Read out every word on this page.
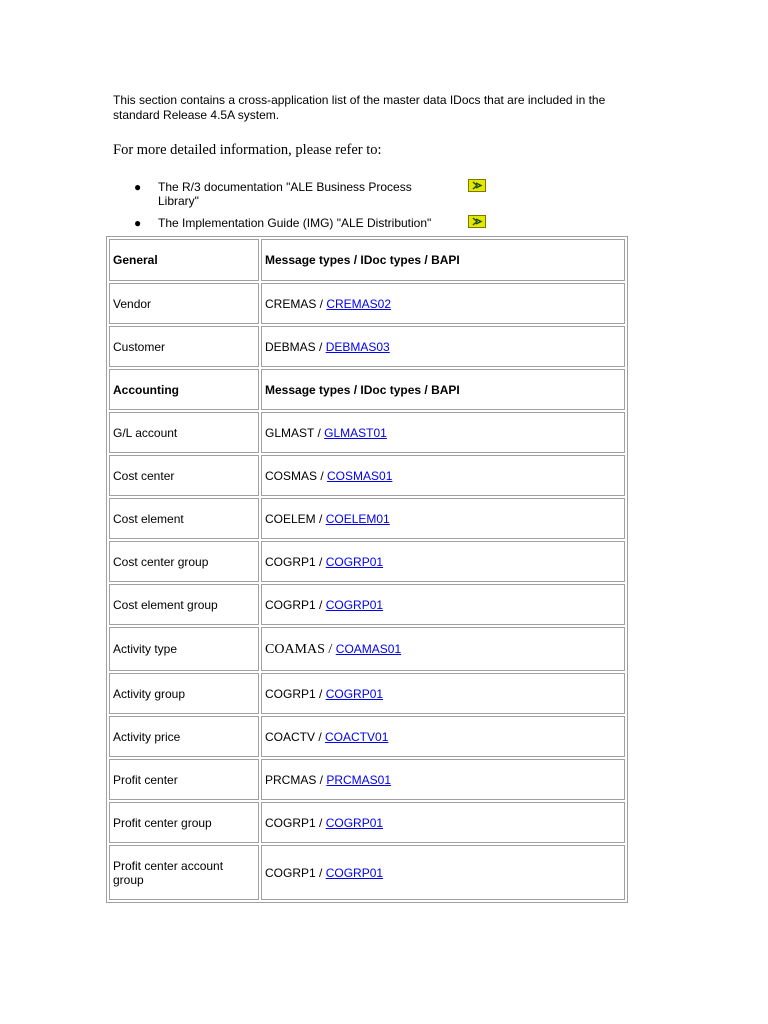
This section contains a cross-application list of the master data IDocs that are included in the standard Release 4.5A system.
For more detailed information, please refer to:
● The R/3 documentation "ALE Business Process Library"
● The Implementation Guide (IMG) "ALE Distribution"
General	Message types / IDoc types / BAPI
Vendor	CREMAS / CREMAS02
Customer	DEBMAS / DEBMAS03
Accounting	Message types / IDoc types / BAPI
G/L account	GLMAST / GLMAST01
Cost center	COSMAS / COSMAS01
Cost element	COELEM / COELEM01
Cost center group	COGRP1 / COGRP01
Cost element group	COGRP1 / COGRP01
Activity type	COAMAS / COAMAS01
Activity group	COGRP1 / COGRP01
Activity price	COACTV / COACTV01
Profit center	PRCMAS / PRCMAS01
Profit center group	COGRP1 / COGRP01
Profit center account group	COGRP1 / COGRP01
